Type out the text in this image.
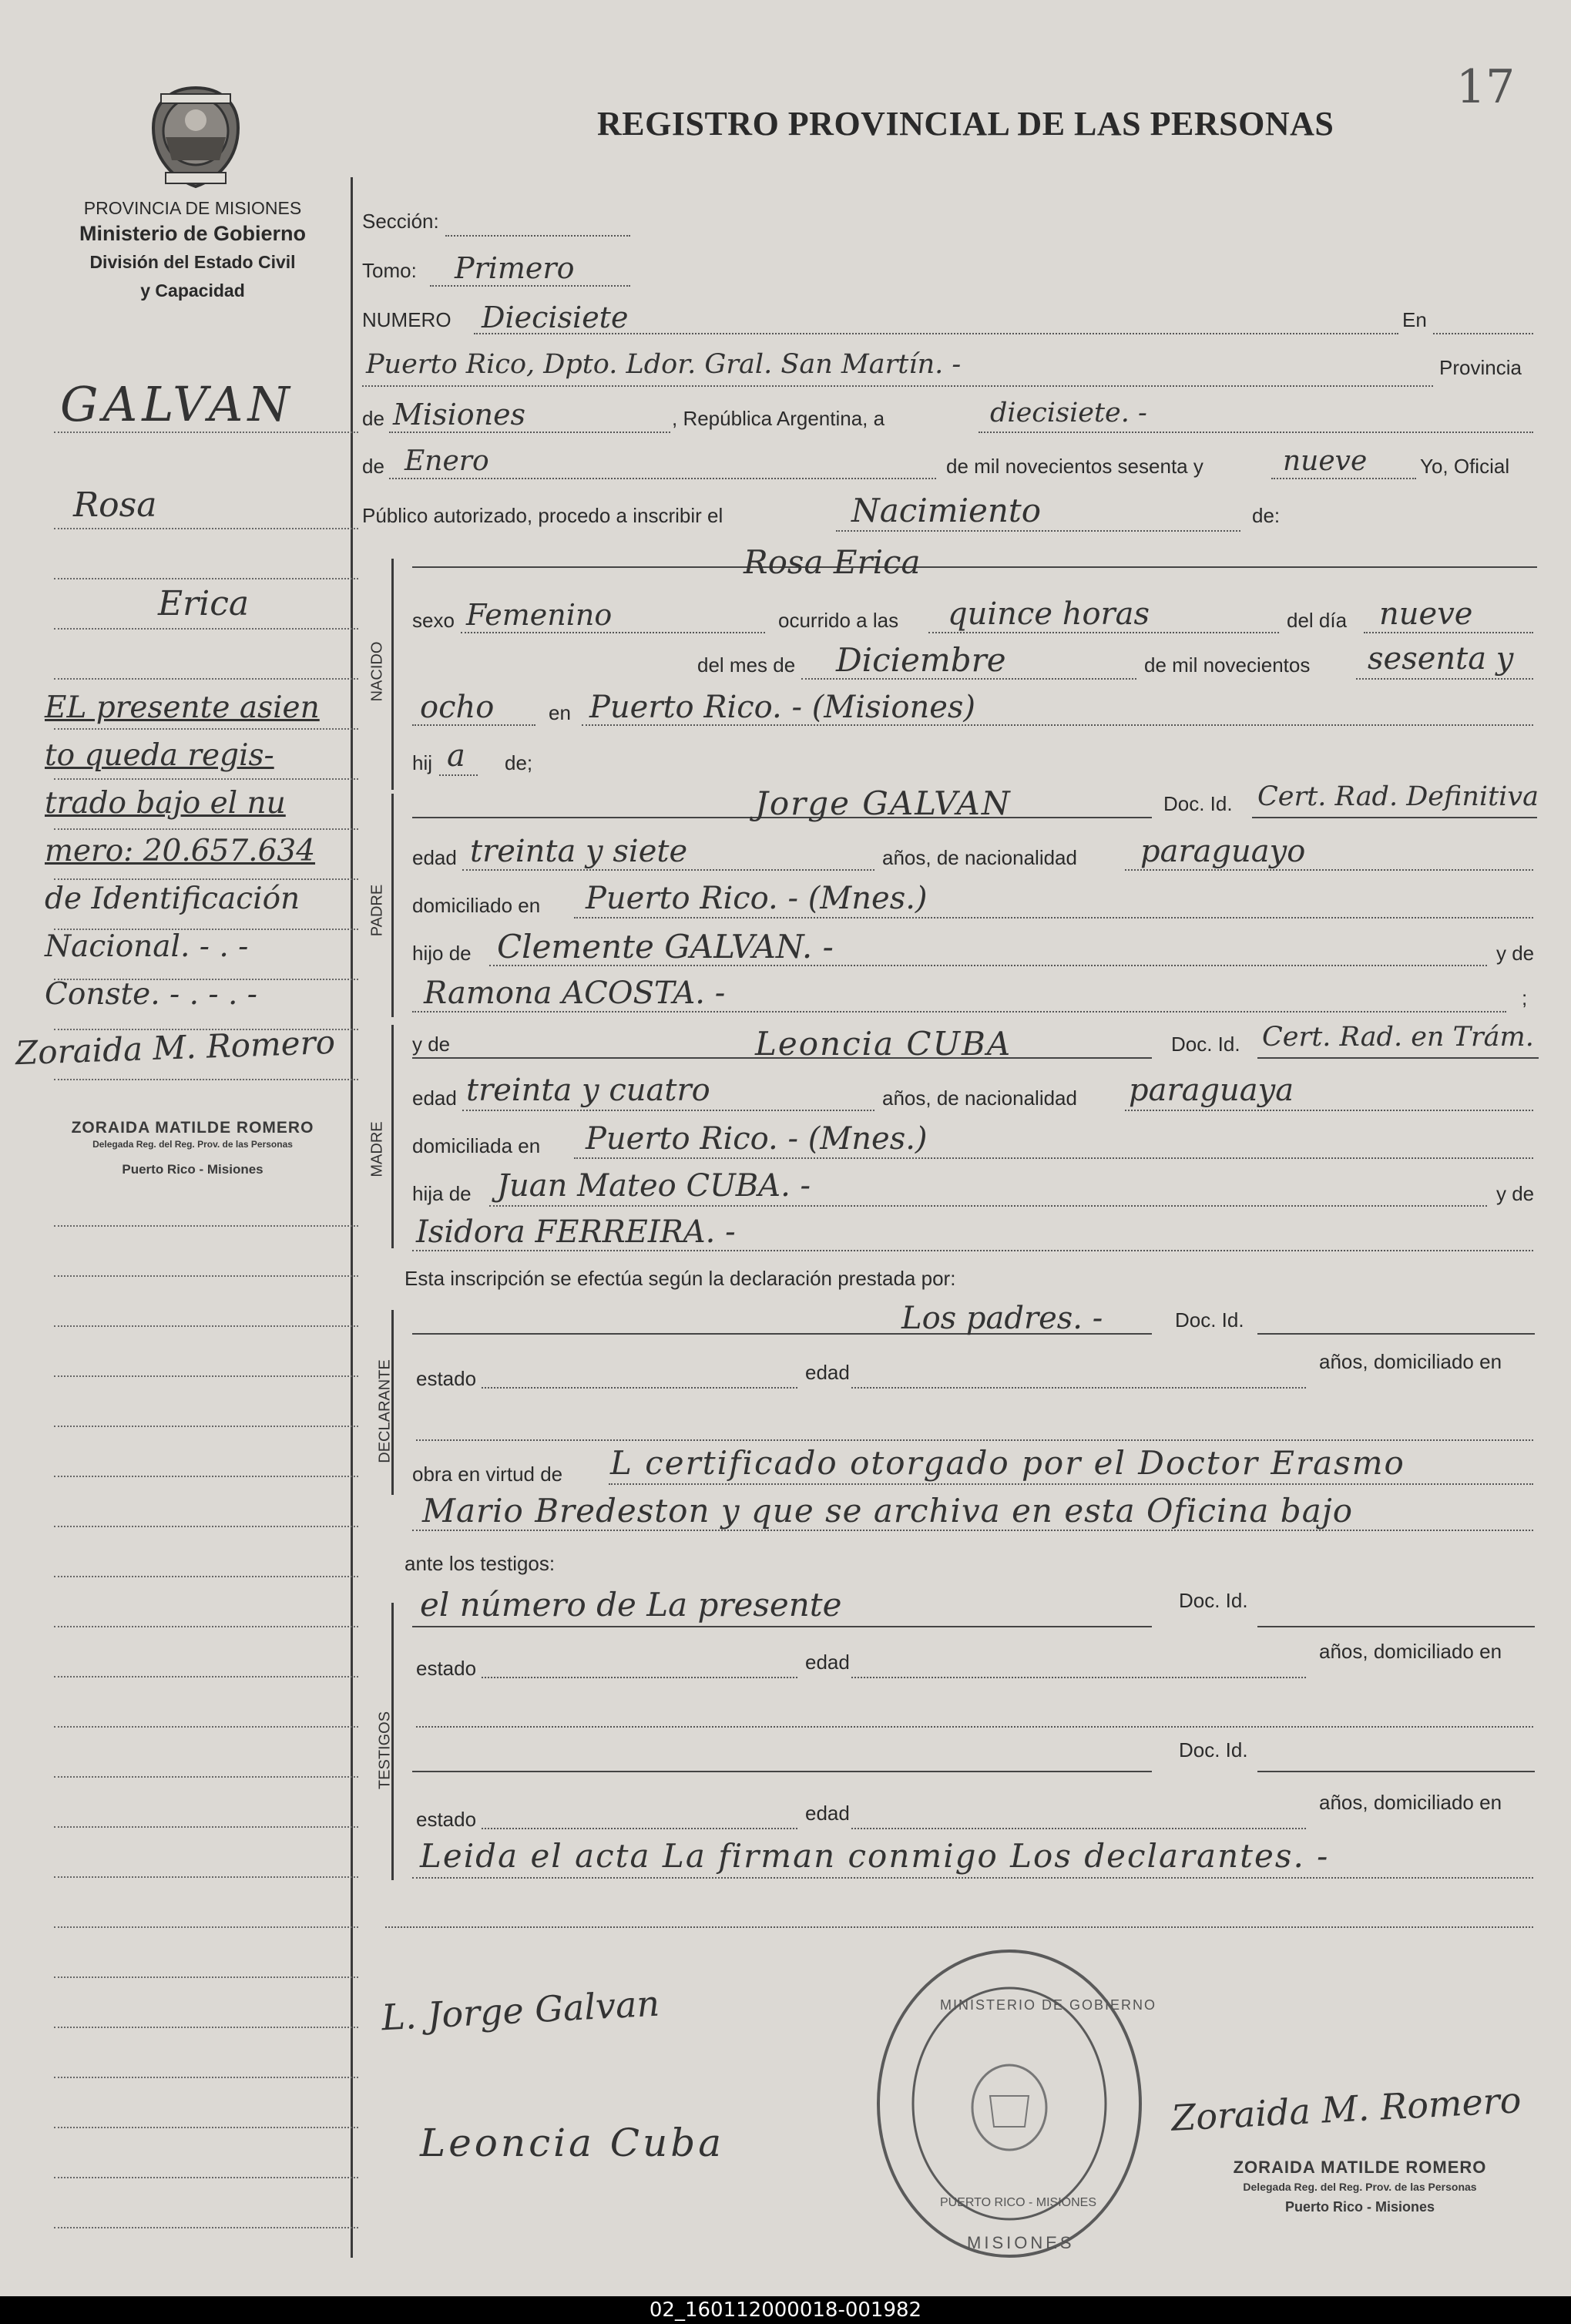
17
REGISTRO PROVINCIAL DE LAS PERSONAS
PROVINCIA DE MISIONES
Ministerio de Gobierno
División del Estado Civil
y Capacidad
GALVAN
Rosa
Erica
EL presente asien
to queda regis-
trado bajo el nu
mero: 20.657.634
de Identificación
Nacional. - . -
Conste. - . - . -
Zoraida M. Romero
ZORAIDA MATILDE ROMERO
Delegada Reg. del Reg. Prov. de las Personas
Puerto Rico - Misiones
Sección:
Tomo: Primero
NUMERO Diecisiete	En
Puerto Rico, Dpto. Ldor. Gral. San Martín. -	Provincia
de Misiones	, República Argentina, a	diecisiete. -
de Enero	de mil novecientos sesenta y	nueve	Yo, Oficial
Público autorizado, procedo a inscribir el	Nacimiento	de:
NACIDO
Rosa Erica
sexo Femenino	ocurrido a las quince horas	del día nueve
del mes de Diciembre	de mil novecientos sesenta y
ocho	en Puerto Rico. - (Misiones)
hij a de;
PADRE
Jorge GALVAN	Doc. Id. Cert. Rad. Definitiva
edad treinta y siete	años, de nacionalidad paraguayo
domiciliado en Puerto Rico. - (Mnes.)
hijo de Clemente GALVAN. -	y de
Ramona ACOSTA. -	;
MADRE
y de	Leoncia CUBA	Doc. Id. Cert. Rad. en Trám.
edad treinta y cuatro	años, de nacionalidad paraguaya
domiciliada en Puerto Rico. - (Mnes.)
hija de Juan Mateo CUBA. -	y de
Isidora FERREIRA. -
Esta inscripción se efectúa según la declaración prestada por:
DECLARANTE
Los padres. -	Doc. Id.
estado	edad	años, domiciliado en
obra en virtud de L certificado otorgado por el Doctor Erasmo
Mario Bredeston y que se archiva en esta Oficina bajo
ante los testigos:
TESTIGOS
el número de La presente	Doc. Id.
estado	edad	años, domiciliado en
Doc. Id.
estado	edad	años, domiciliado en
Leida el acta La firman conmigo Los declarantes. -
L. Jorge Galvan
Leoncia Cuba
MINISTERIO DE GOBIERNO
PUERTO RICO - MISIONES
MISIONES
Zoraida M. Romero
ZORAIDA MATILDE ROMERO
Delegada Reg. del Reg. Prov. de las Personas
Puerto Rico - Misiones
02_160112000018-001982
